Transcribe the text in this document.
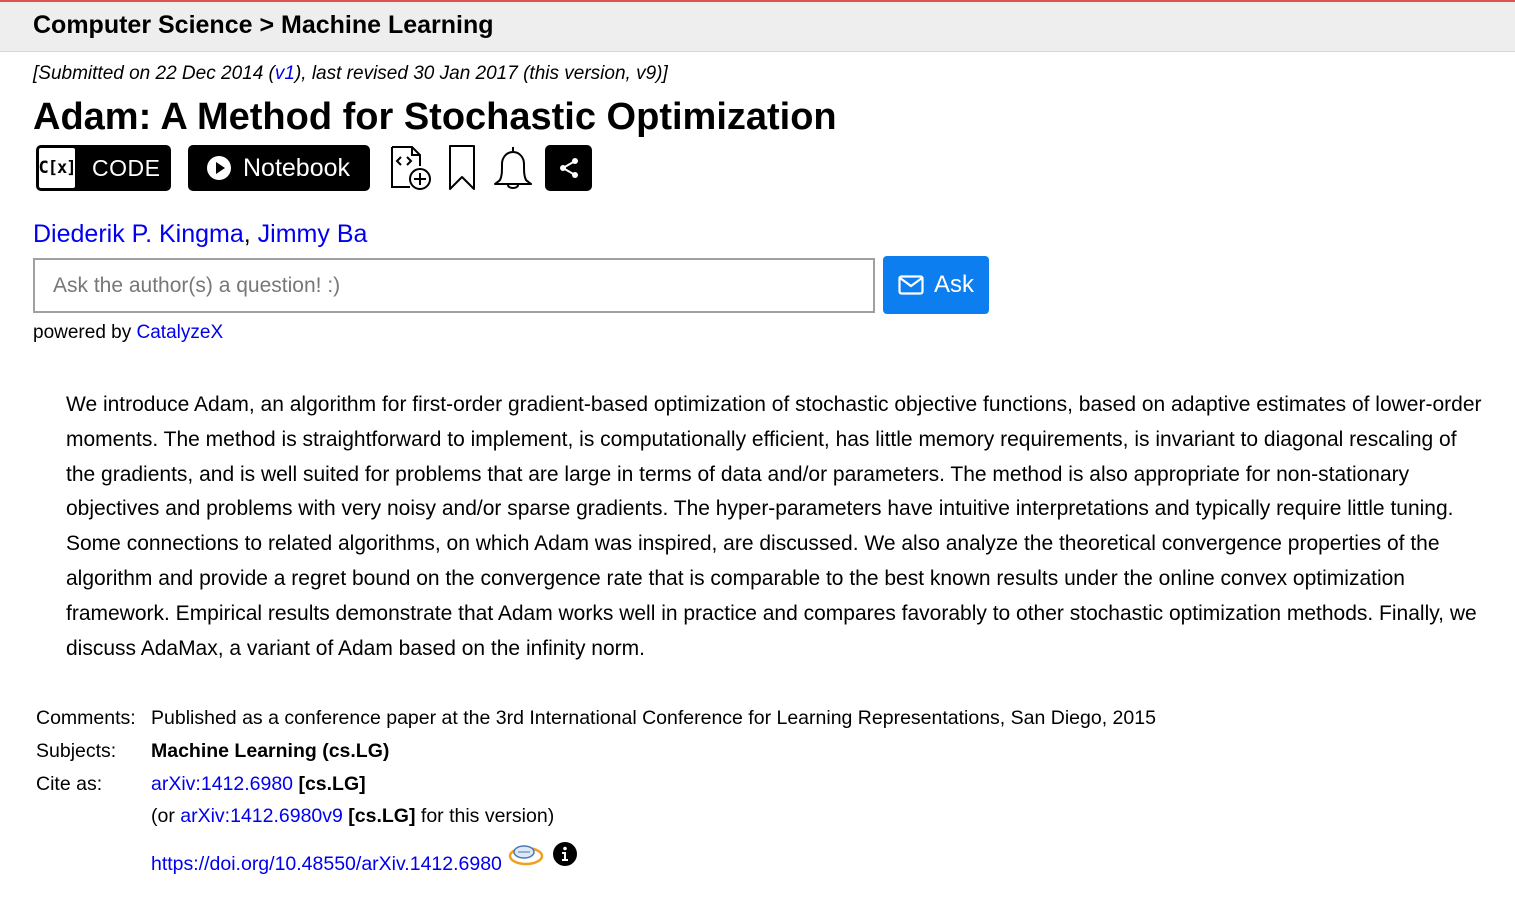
Computer Science > Machine Learning
[Submitted on 22 Dec 2014 (v1), last revised 30 Jan 2017 (this version, v9)]
Adam: A Method for Stochastic Optimization
C[x] CODE	Notebook
Diederik P. Kingma, Jimmy Ba
Ask the author(s) a question! :)
Ask
powered by CatalyzeX

We introduce Adam, an algorithm for first-order gradient-based optimization of stochastic objective functions, based on adaptive estimates of lower-order moments. The method is straightforward to implement, is computationally efficient, has little memory requirements, is invariant to diagonal rescaling of the gradients, and is well suited for problems that are large in terms of data and/or parameters. The method is also appropriate for non-stationary objectives and problems with very noisy and/or sparse gradients. The hyper-parameters have intuitive interpretations and typically require little tuning. Some connections to related algorithms, on which Adam was inspired, are discussed. We also analyze the theoretical convergence properties of the algorithm and provide a regret bound on the convergence rate that is comparable to the best known results under the online convex optimization framework. Empirical results demonstrate that Adam works well in practice and compares favorably to other stochastic optimization methods. Finally, we discuss AdaMax, a variant of Adam based on the infinity norm.

Comments: Published as a conference paper at the 3rd International Conference for Learning Representations, San Diego, 2015
Subjects: Machine Learning (cs.LG)
Cite as:	arXiv:1412.6980 [cs.LG]
(or arXiv:1412.6980v9 [cs.LG] for this version)
https://doi.org/10.48550/arXiv.1412.6980
